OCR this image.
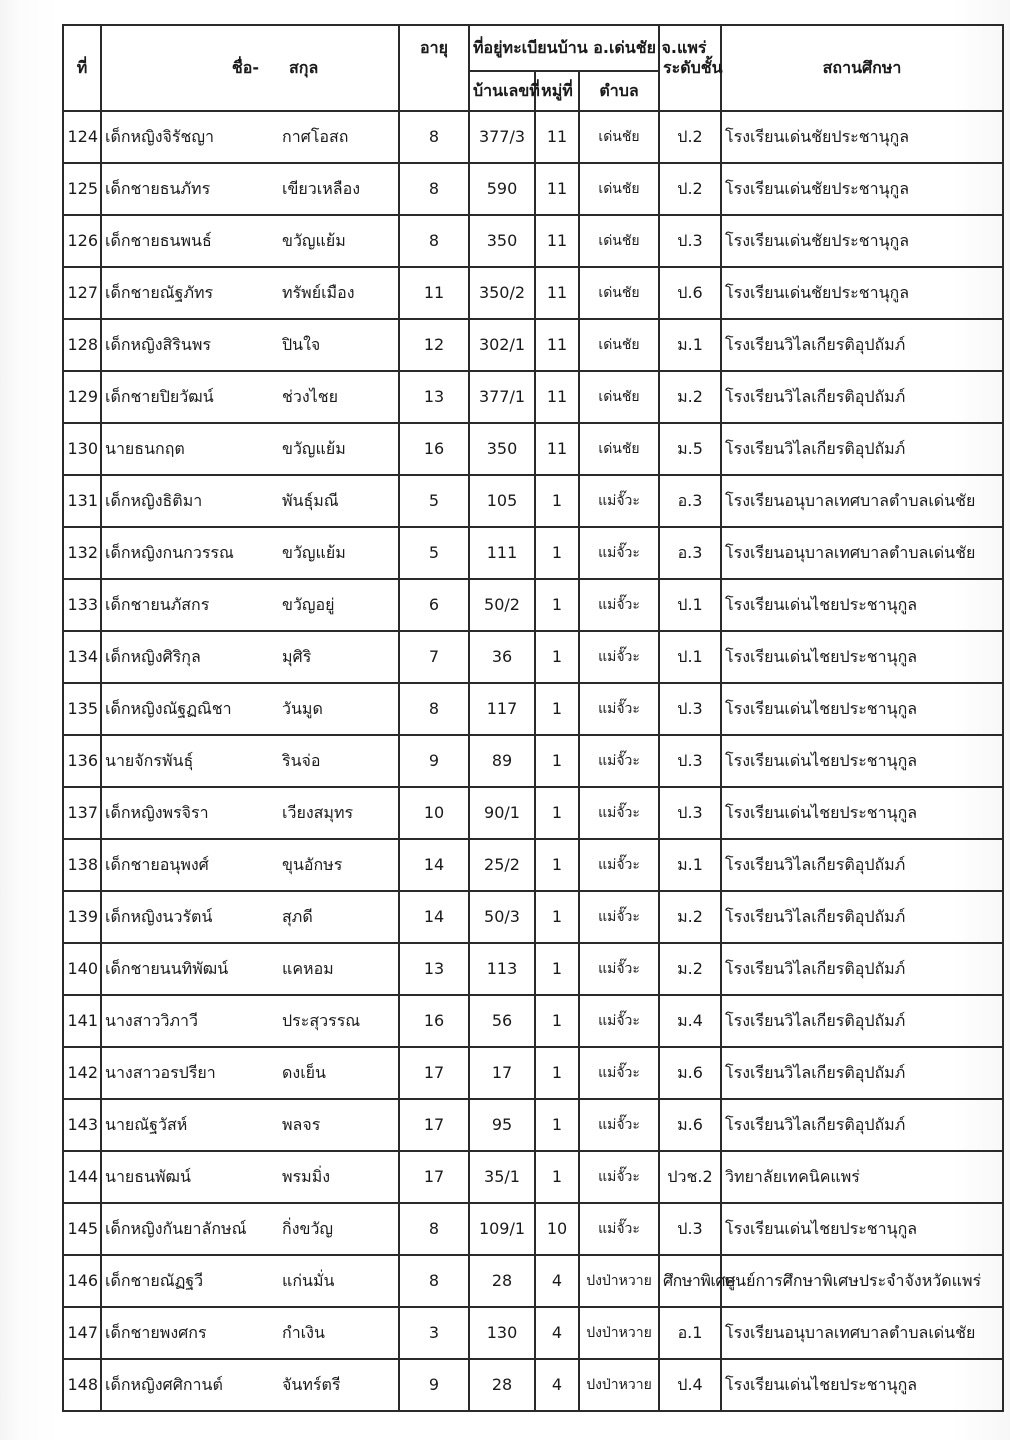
ที่	ชื่อ-	สกุล	อายุ	ที่อยู่ทะเบียนบ้าน อ.เด่นชัย จ.แพร่			ระดับชั้น	สถานศึกษา
				บ้านเลขที่	หมู่ที่	ตำบล		
124	เด็กหญิงจิรัชญา	กาศโอสถ	8	377/3	11	เด่นชัย	ป.2	โรงเรียนเด่นชัยประชานุกูล
125	เด็กชายธนภัทร	เขียวเหลือง	8	590	11	เด่นชัย	ป.2	โรงเรียนเด่นชัยประชานุกูล
126	เด็กชายธนพนธ์	ขวัญแย้ม	8	350	11	เด่นชัย	ป.3	โรงเรียนเด่นชัยประชานุกูล
127	เด็กชายณัฐภัทร	ทรัพย์เมือง	11	350/2	11	เด่นชัย	ป.6	โรงเรียนเด่นชัยประชานุกูล
128	เด็กหญิงสิรินพร	ปินใจ	12	302/1	11	เด่นชัย	ม.1	โรงเรียนวิไลเกียรติอุปถัมภ์
129	เด็กชายปิยวัฒน์	ช่วงไชย	13	377/1	11	เด่นชัย	ม.2	โรงเรียนวิไลเกียรติอุปถัมภ์
130	นายธนกฤต	ขวัญแย้ม	16	350	11	เด่นชัย	ม.5	โรงเรียนวิไลเกียรติอุปถัมภ์
131	เด็กหญิงธิติมา	พันธุ์มณี	5	105	1	แม่จั๊วะ	อ.3	โรงเรียนอนุบาลเทศบาลตำบลเด่นชัย
132	เด็กหญิงกนกวรรณ	ขวัญแย้ม	5	111	1	แม่จั๊วะ	อ.3	โรงเรียนอนุบาลเทศบาลตำบลเด่นชัย
133	เด็กชายนภัสกร	ขวัญอยู่	6	50/2	1	แม่จั๊วะ	ป.1	โรงเรียนเด่นไชยประชานุกูล
134	เด็กหญิงศิริกุล	มุศิริ	7	36	1	แม่จั๊วะ	ป.1	โรงเรียนเด่นไชยประชานุกูล
135	เด็กหญิงณัฐฏณิชา	วันมูด	8	117	1	แม่จั๊วะ	ป.3	โรงเรียนเด่นไชยประชานุกูล
136	นายจักรพันธุ์	รินจ่อ	9	89	1	แม่จั๊วะ	ป.3	โรงเรียนเด่นไชยประชานุกูล
137	เด็กหญิงพรจิรา	เวียงสมุทร	10	90/1	1	แม่จั๊วะ	ป.3	โรงเรียนเด่นไชยประชานุกูล
138	เด็กชายอนุพงศ์	ขุนอักษร	14	25/2	1	แม่จั๊วะ	ม.1	โรงเรียนวิไลเกียรติอุปถัมภ์
139	เด็กหญิงนวรัตน์	สุภดี	14	50/3	1	แม่จั๊วะ	ม.2	โรงเรียนวิไลเกียรติอุปถัมภ์
140	เด็กชายนนทิพัฒน์	แคหอม	13	113	1	แม่จั๊วะ	ม.2	โรงเรียนวิไลเกียรติอุปถัมภ์
141	นางสาววิภาวี	ประสุวรรณ	16	56	1	แม่จั๊วะ	ม.4	โรงเรียนวิไลเกียรติอุปถัมภ์
142	นางสาวอรปรียา	ดงเย็น	17	17	1	แม่จั๊วะ	ม.6	โรงเรียนวิไลเกียรติอุปถัมภ์
143	นายณัฐวัสห์	พลจร	17	95	1	แม่จั๊วะ	ม.6	โรงเรียนวิไลเกียรติอุปถัมภ์
144	นายธนพัฒน์	พรมมิ่ง	17	35/1	1	แม่จั๊วะ	ปวช.2	วิทยาลัยเทคนิคแพร่
145	เด็กหญิงกันยาลักษณ์	กิ่งขวัญ	8	109/1	10	แม่จั๊วะ	ป.3	โรงเรียนเด่นไชยประชานุกูล
146	เด็กชายณัฏฐวี	แก่นมั่น	8	28	4	ปงป่าหวาย	ศึกษาพิเศษ	ศูนย์การศึกษาพิเศษประจำจังหวัดแพร่
147	เด็กชายพงศกร	กำเงิน	3	130	4	ปงป่าหวาย	อ.1	โรงเรียนอนุบาลเทศบาลตำบลเด่นชัย
148	เด็กหญิงศศิกานต์	จันทร์ตรี	9	28	4	ปงป่าหวาย	ป.4	โรงเรียนเด่นไชยประชานุกูล
